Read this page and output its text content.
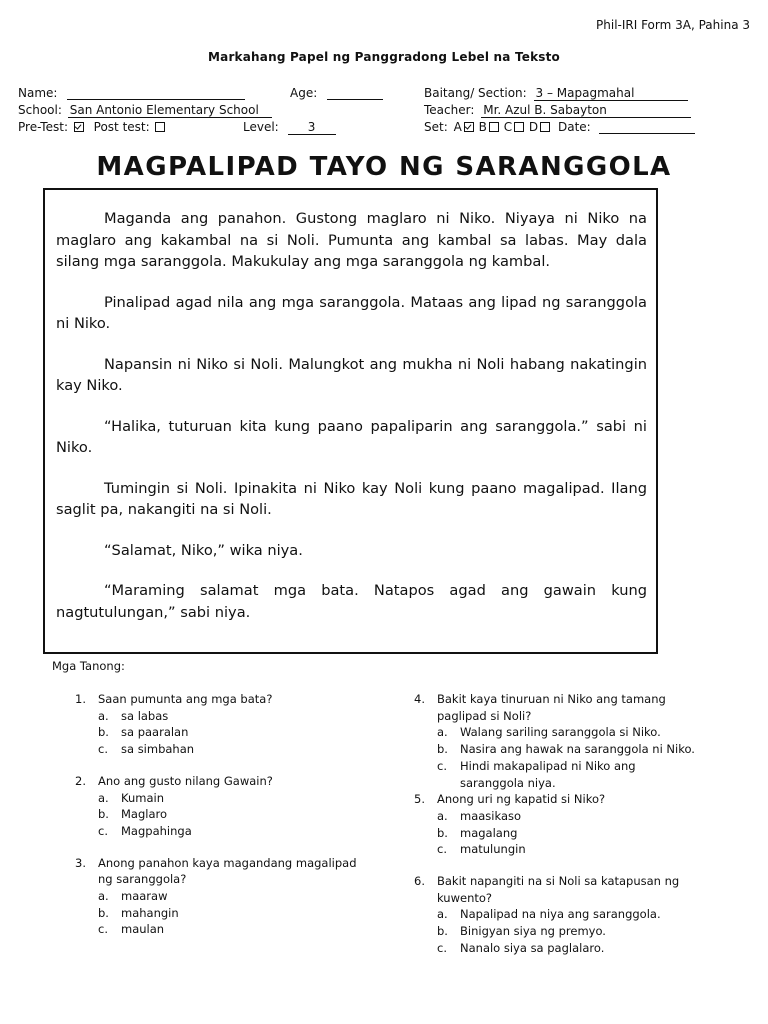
Phil-IRI Form 3A, Pahina 3
Markahang Papel ng Panggradong Lebel na Teksto
Name:	Age:	Baitang/ Section: 3 – Mapagmahal
School: San Antonio Elementary School	Teacher: Mr. Azul B. Sabayton
Pre-Test: Post test:	Level: 3	Set: A B C D Date:
MAGPALIPAD TAYO NG SARANGGOLA

Maganda ang panahon. Gustong maglaro ni Niko. Niyaya ni Niko na maglaro ang kakambal na si Noli. Pumunta ang kambal sa labas. May dala silang mga saranggola. Makukulay ang mga saranggola ng kambal.

Pinalipad agad nila ang mga saranggola. Mataas ang lipad ng saranggola ni Niko.

Napansin ni Niko si Noli. Malungkot ang mukha ni Noli habang nakatingin kay Niko.

“Halika, tuturuan kita kung paano papaliparin ang saranggola.” sabi ni Niko.

Tumingin si Noli. Ipinakita ni Niko kay Noli kung paano magalipad. Ilang saglit pa, nakangiti na si Noli.

“Salamat, Niko,” wika niya.

“Maraming salamat mga bata. Natapos agad ang gawain kung nagtutulungan,” sabi niya.

Mga Tanong:
1. Saan pumunta ang mga bata?
a. sa labas
b. sa paaralan
c. sa simbahan
2. Ano ang gusto nilang Gawain?
a. Kumain
b. Maglaro
c. Magpahinga
3. Anong panahon kaya magandang magalipad ng saranggola?
a. maaraw
b. mahangin
c. maulan
4. Bakit kaya tinuruan ni Niko ang tamang paglipad si Noli?
a. Walang sariling saranggola si Niko.
b. Nasira ang hawak na saranggola ni Niko.
c. Hindi makapalipad ni Niko ang saranggola niya.
5. Anong uri ng kapatid si Niko?
a. maasikaso
b. magalang
c. matulungin
6. Bakit napangiti na si Noli sa katapusan ng kuwento?
a. Napalipad na niya ang saranggola.
b. Binigyan siya ng premyo.
c. Nanalo siya sa paglalaro.
